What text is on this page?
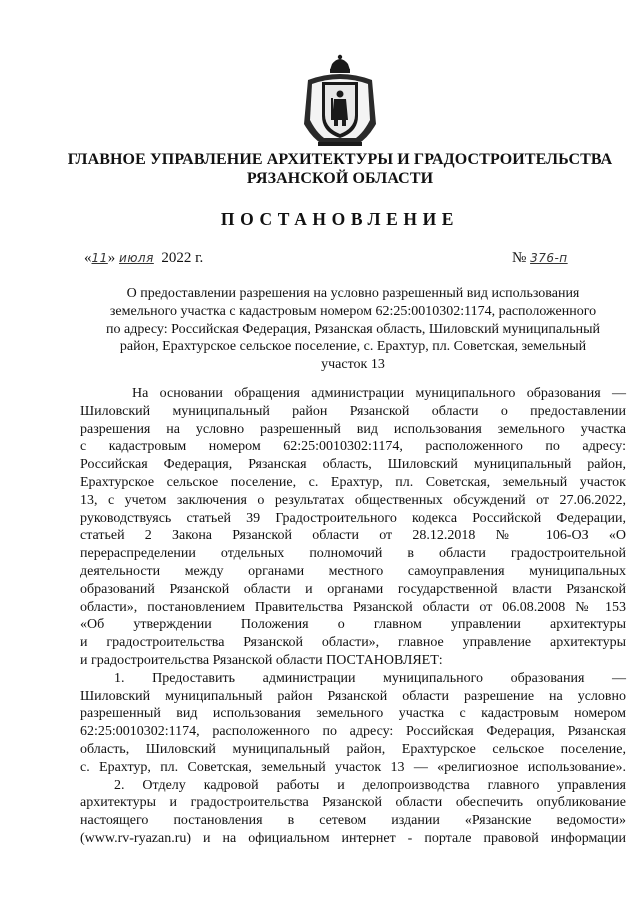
ГЛАВНОЕ УПРАВЛЕНИЕ АРХИТЕКТУРЫ И ГРАДОСТРОИТЕЛЬСТВА
РЯЗАНСКОЙ ОБЛАСТИ
ПОСТАНОВЛЕНИЕ
«11» июля 2022 г.	№ 376-п
О предоставлении разрешения на условно разрешенный вид использования
земельного участка с кадастровым номером 62:25:0010302:1174, расположенного
по адресу: Российская Федерация, Рязанская область, Шиловский муниципальный
район, Ерахтурское сельское поселение, с. Ерахтур, пл. Советская, земельный
участок 13
На основании обращения администрации муниципального образования —
Шиловский муниципальный район Рязанской области о предоставлении
разрешения на условно разрешенный вид использования земельного участка
с кадастровым номером 62:25:0010302:1174, расположенного по адресу:
Российская Федерация, Рязанская область, Шиловский муниципальный район,
Ерахтурское сельское поселение, с. Ерахтур, пл. Советская, земельный участок
13, с учетом заключения о результатах общественных обсуждений от 27.06.2022,
руководствуясь статьей 39 Градостроительного кодекса Российской Федерации,
статьей 2 Закона Рязанской области от 28.12.2018 № 106-ОЗ «О
перераспределении отдельных полномочий в области градостроительной
деятельности между органами местного самоуправления муниципальных
образований Рязанской области и органами государственной власти Рязанской
области», постановлением Правительства Рязанской области от 06.08.2008 № 153
«Об утверждении Положения о главном управлении архитектуры
и градостроительства Рязанской области», главное управление архитектуры
и градостроительства Рязанской области ПОСТАНОВЛЯЕТ:
1. Предоставить администрации муниципального образования —
Шиловский муниципальный район Рязанской области разрешение на условно
разрешенный вид использования земельного участка с кадастровым номером
62:25:0010302:1174, расположенного по адресу: Российская Федерация, Рязанская
область, Шиловский муниципальный район, Ерахтурское сельское поселение,
с. Ерахтур, пл. Советская, земельный участок 13 — «религиозное использование».
2. Отделу кадровой работы и делопроизводства главного управления
архитектуры и градостроительства Рязанской области обеспечить опубликование
настоящего постановления в сетевом издании «Рязанские ведомости»
(www.rv-ryazan.ru) и на официальном интернет - портале правовой информации
